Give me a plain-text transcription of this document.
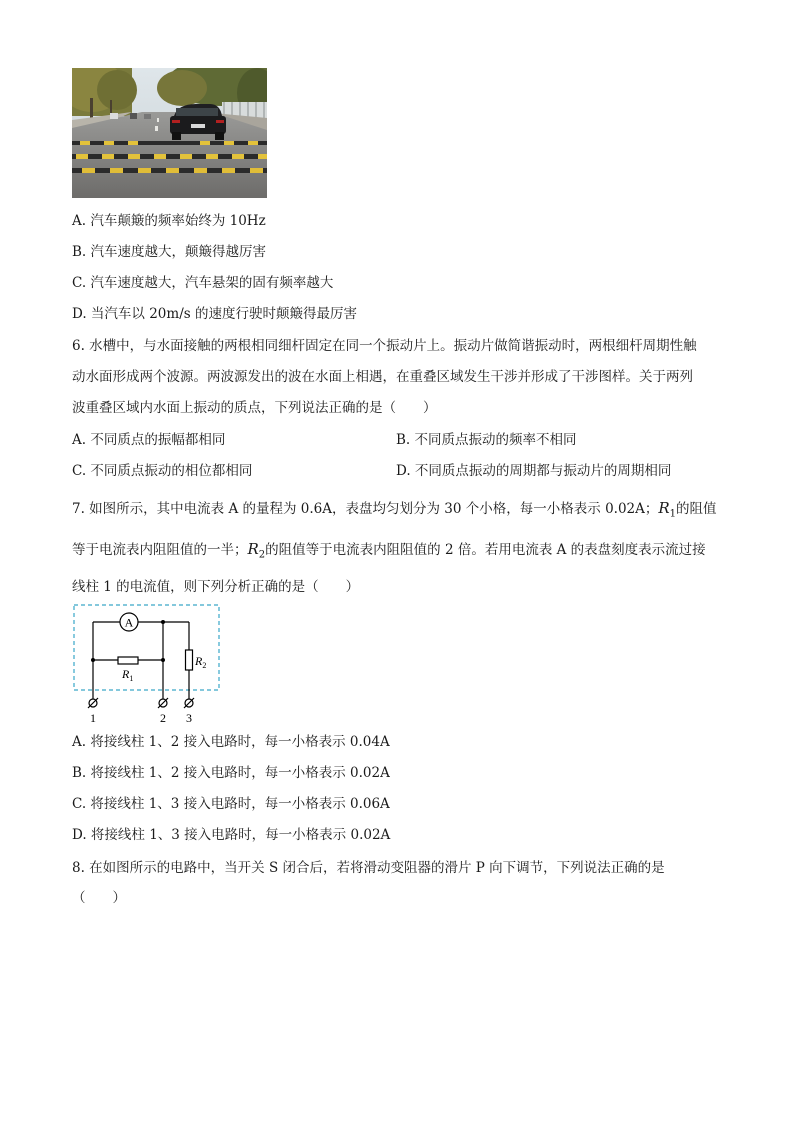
A. 汽车颠簸的频率始终为 10Hz
B. 汽车速度越大，颠簸得越厉害
C. 汽车速度越大，汽车悬架的固有频率越大
D. 当汽车以 20m/s 的速度行驶时颠簸得最厉害
6. 水槽中，与水面接触的两根相同细杆固定在同一个振动片上。振动片做简谐振动时，两根细杆周期性触
动水面形成两个波源。两波源发出的波在水面上相遇，在重叠区域发生干涉并形成了干涉图样。关于两列
波重叠区域内水面上振动的质点，下列说法正确的是（　　）
A. 不同质点的振幅都相同	B. 不同质点振动的频率不相同
C. 不同质点振动的相位都相同	D. 不同质点振动的周期都与振动片的周期相同
7. 如图所示，其中电流表 A 的量程为 0.6A，表盘均匀划分为 30 个小格，每一小格表示 0.02A；$R_1$的阻值
等于电流表内阻阻值的一半；$R_2$的阻值等于电流表内阻阻值的 2 倍。若用电流表 A 的表盘刻度表示流过接
线柱 1 的电流值，则下列分析正确的是（　　）
A
$R_1$
$R_2$
1	2 3
A. 将接线柱 1、2 接入电路时，每一小格表示 0.04A
B. 将接线柱 1、2 接入电路时，每一小格表示 0.02A
C. 将接线柱 1、3 接入电路时，每一小格表示 0.06A
D. 将接线柱 1、3 接入电路时，每一小格表示 0.02A
8. 在如图所示的电路中，当开关 S 闭合后，若将滑动变阻器的滑片 P 向下调节，下列说法正确的是
（　　）
